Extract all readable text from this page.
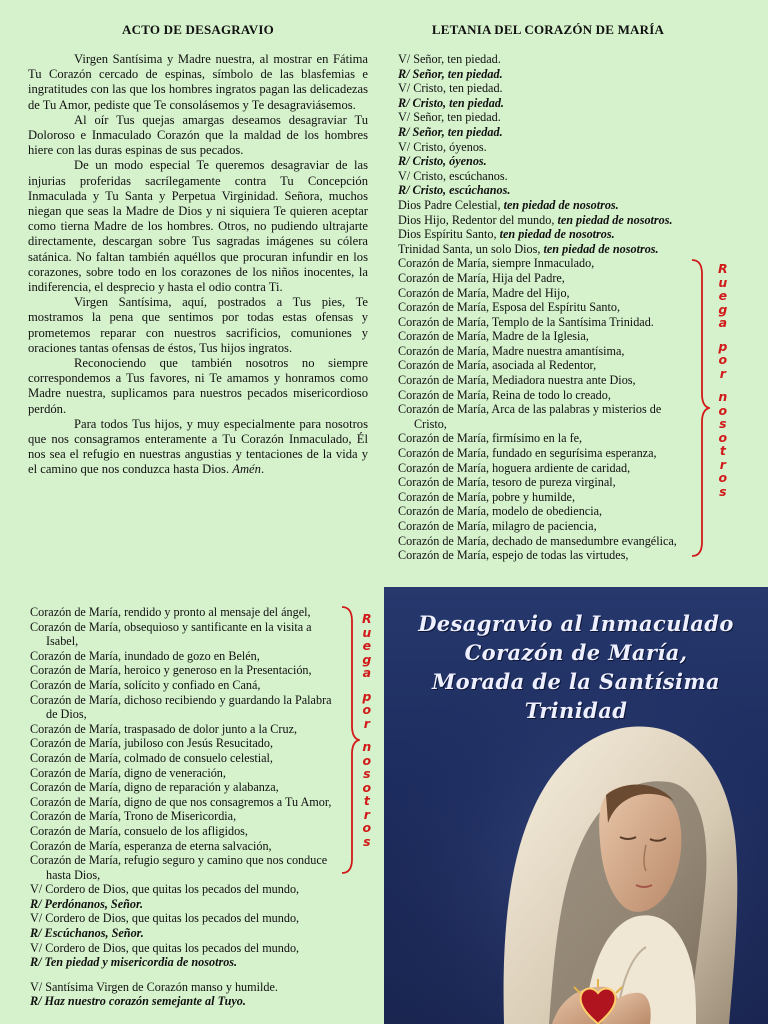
ACTO DE DESAGRAVIO

Virgen Santísima y Madre nuestra, al mostrar en Fátima Tu Corazón cercado de espinas, símbolo de las blasfemias e ingratitudes con las que los hombres ingratos pagan las delicadezas de Tu Amor, pediste que Te consolásemos y Te desagraviásemos.

Al oír Tus quejas amargas deseamos desagraviar Tu Doloroso e Inmaculado Corazón que la maldad de los hombres hiere con las duras espinas de sus pecados.

De un modo especial Te queremos desagraviar de las injurias proferidas sacrílegamente contra Tu Concepción Inmaculada y Tu Santa y Perpetua Virginidad. Señora, muchos niegan que seas la Madre de Dios y ni siquiera Te quieren aceptar como tierna Madre de los hombres. Otros, no pudiendo ultrajarte directamente, descargan sobre Tus sagradas imágenes su cólera satánica. No faltan también aquéllos que procuran infundir en los corazones, sobre todo en los corazones de los niños inocentes, la indiferencia, el desprecio y hasta el odio contra Ti.

Virgen Santísima, aquí, postrados a Tus pies, Te mostramos la pena que sentimos por todas estas ofensas y prometemos reparar con nuestros sacrificios, comuniones y oraciones tantas ofensas de éstos, Tus hijos ingratos.

Reconociendo que también nosotros no siempre correspondemos a Tus favores, ni Te amamos y honramos como Madre nuestra, suplicamos para nuestros pecados misericordioso perdón.

Para todos Tus hijos, y muy especialmente para nosotros que nos consagramos enteramente a Tu Corazón Inmaculado, Él nos sea el refugio en nuestras angustias y tentaciones de la vida y el camino que nos conduzca hasta Dios. Amén.

LETANIA DEL CORAZÓN DE MARÍA
V/ Señor, ten piedad.
R/ Señor, ten piedad.
V/ Cristo, ten piedad.
R/ Cristo, ten piedad.
V/ Señor, ten piedad.
R/ Señor, ten piedad.
V/ Cristo, óyenos.
R/ Cristo, óyenos.
V/ Cristo, escúchanos.
R/ Cristo, escúchanos.
Dios Padre Celestial, ten piedad de nosotros.
Dios Hijo, Redentor del mundo, ten piedad de nosotros.
Dios Espíritu Santo, ten piedad de nosotros.
Trinidad Santa, un solo Dios, ten piedad de nosotros.
Corazón de María, siempre Inmaculado,
Corazón de María, Hija del Padre,
Corazón de María, Madre del Hijo,
Corazón de María, Esposa del Espíritu Santo,
Corazón de María, Templo de la Santísima Trinidad.
Corazón de María, Madre de la Iglesia,
Corazón de María, Madre nuestra amantísima,
Corazón de María, asociada al Redentor,
Corazón de María, Mediadora nuestra ante Dios,
Corazón de María, Reina de todo lo creado,
Corazón de María, Arca de las palabras y misterios de
Cristo,
Corazón de María, firmísimo en la fe,
Corazón de María, fundado en segurísima esperanza,
Corazón de María, hoguera ardiente de caridad,
Corazón de María, tesoro de pureza virginal,
Corazón de María, pobre y humilde,
Corazón de María, modelo de obediencia,
Corazón de María, milagro de paciencia,
Corazón de María, dechado de mansedumbre evangélica,
Corazón de María, espejo de todas las virtudes,
R
u
e
g
a
p
o
r
n
o
s
o
t
r
o
s
Corazón de María, rendido y pronto al mensaje del ángel,
Corazón de María, obsequioso y santificante en la visita a
Isabel,
Corazón de María, inundado de gozo en Belén,
Corazón de María, heroico y generoso en la Presentación,
Corazón de María, solícito y confiado en Caná,
Corazón de María, dichoso recibiendo y guardando la Palabra
de Dios,
Corazón de María, traspasado de dolor junto a la Cruz,
Corazón de María, jubiloso con Jesús Resucitado,
Corazón de María, colmado de consuelo celestial,
Corazón de María, digno de veneración,
Corazón de María, digno de reparación y alabanza,
Corazón de María, digno de que nos consagremos a Tu Amor,
Corazón de María, Trono de Misericordia,
Corazón de María, consuelo de los afligidos,
Corazón de María, esperanza de eterna salvación,
Corazón de María, refugio seguro y camino que nos conduce
hasta Dios,
V/ Cordero de Dios, que quitas los pecados del mundo,
R/ Perdónanos, Señor.
V/ Cordero de Dios, que quitas los pecados del mundo,
R/ Escúchanos, Señor.
V/ Cordero de Dios, que quitas los pecados del mundo,
R/ Ten piedad y misericordia de nosotros.
V/ Santísima Virgen de Corazón manso y humilde.
R/ Haz nuestro corazón semejante al Tuyo.
R
u
e
g
a
p
o
r
n
o
s
o
t
r
o
s
Desagravio al Inmaculado
Corazón de María,
Morada de la Santísima Trinidad
